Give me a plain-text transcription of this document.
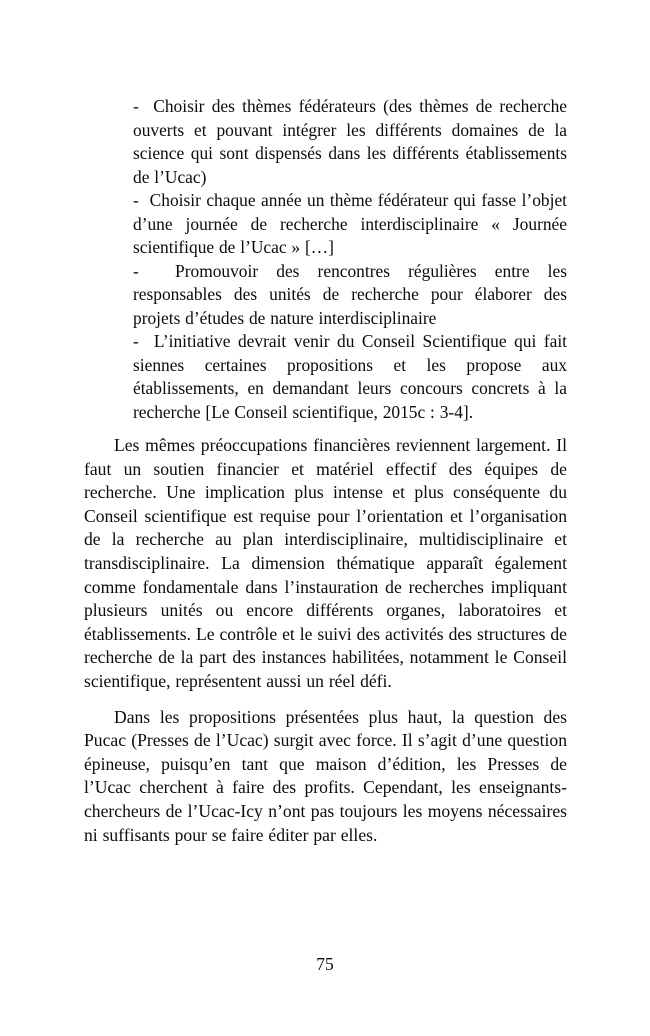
-  Choisir des thèmes fédérateurs (des thèmes de recherche ouverts et pouvant intégrer les différents domaines de la science qui sont dispensés dans les différents établissements de l’Ucac)

-  Choisir chaque année un thème fédérateur qui fasse l’objet d’une journée de recherche interdisciplinaire « Journée scientifique de l’Ucac » […]

-  Promouvoir des rencontres régulières entre les responsables des unités de recherche pour élaborer des projets d’études de nature interdisciplinaire

-  L’initiative devrait venir du Conseil Scientifique qui fait siennes certaines propositions et les propose aux établissements, en demandant leurs concours concrets à la recherche [Le Conseil scientifique, 2015c : 3-4].

Les mêmes préoccupations financières reviennent largement. Il faut un soutien financier et matériel effectif des équipes de recherche. Une implication plus intense et plus conséquente du Conseil scientifique est requise pour l’orientation et l’organisation de la recherche au plan interdisciplinaire, multidisciplinaire et transdisciplinaire. La dimension thématique apparaît également comme fondamentale dans l’instauration de recherches impliquant plusieurs unités ou encore différents organes, laboratoires et établissements. Le contrôle et le suivi des activités des structures de recherche de la part des instances habilitées, notamment le Conseil scientifique, représentent aussi un réel défi.

Dans les propositions présentées plus haut, la question des Pucac (Presses de l’Ucac) surgit avec force. Il s’agit d’une question épineuse, puisqu’en tant que maison d’édition, les Presses de l’Ucac cherchent à faire des profits. Cependant, les enseignants-chercheurs de l’Ucac-Icy n’ont pas toujours les moyens nécessaires ni suffisants pour se faire éditer par elles.

75
